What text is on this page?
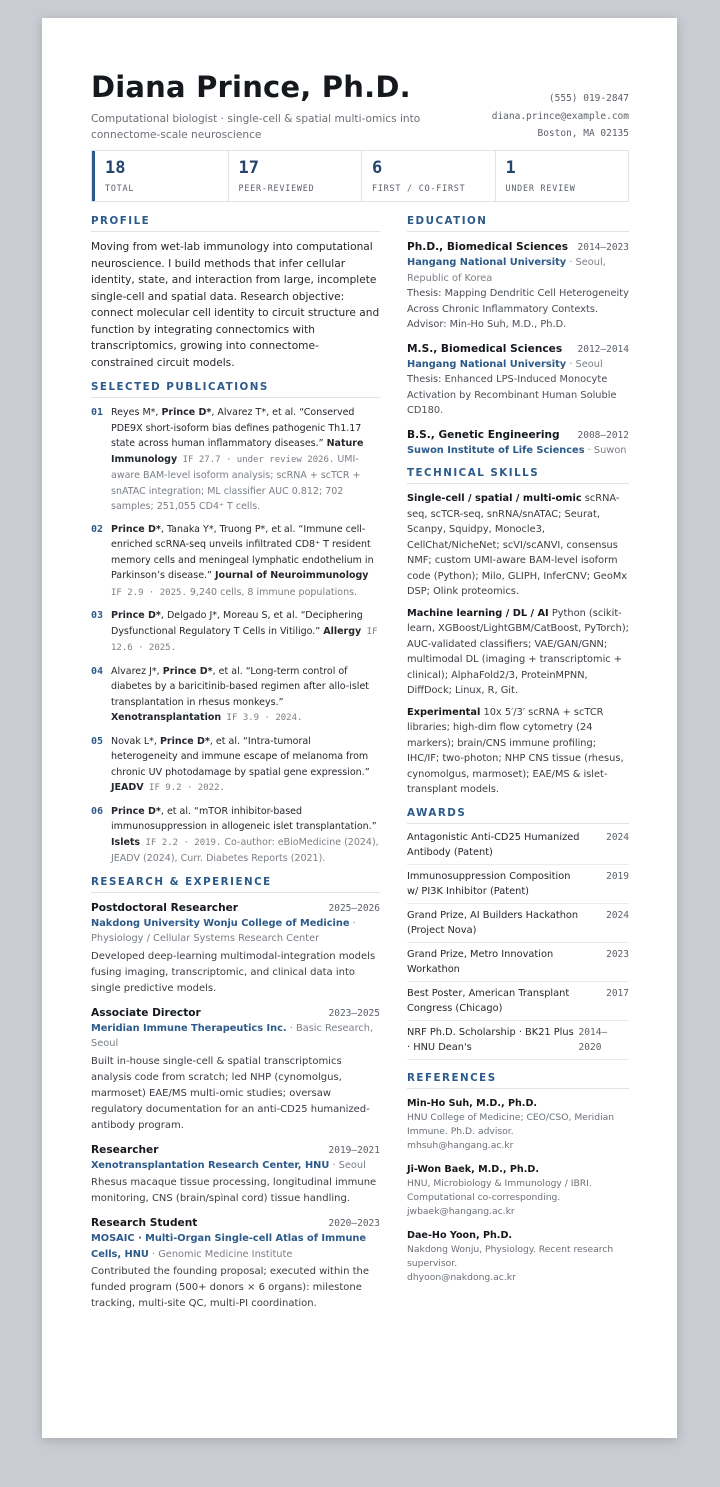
Diana Prince, Ph.D.
Computational biologist · single-cell & spatial multi-omics into connectome-scale neuroscience
(555) 019-2847
diana.prince@example.com
Boston, MA 02135
18
TOTAL
17
PEER-REVIEWED
6
FIRST / CO-FIRST
1
UNDER REVIEW
PROFILE
Moving from wet-lab immunology into computational neuroscience. I build methods that infer cellular identity, state, and interaction from large, incomplete single-cell and spatial data. Research objective: connect molecular cell identity to circuit structure and function by integrating connectomics with transcriptomics, growing into connectome-constrained circuit models.
SELECTED PUBLICATIONS
01 Reyes M*, Prince D*, Alvarez T*, et al. “Conserved PDE9X short-isoform bias defines pathogenic Th1.17 state across human inflammatory diseases.” Nature Immunology IF 27.7 · under review 2026. UMI-aware BAM-level isoform analysis; scRNA + scTCR + snATAC integration; ML classifier AUC 0.812; 702 samples; 251,055 CD4⁺ T cells.
02 Prince D*, Tanaka Y*, Truong P*, et al. “Immune cell-enriched scRNA-seq unveils infiltrated CD8⁺ T resident memory cells and meningeal lymphatic endothelium in Parkinson’s disease.” Journal of Neuroimmunology IF 2.9 · 2025. 9,240 cells, 8 immune populations.
03 Prince D*, Delgado J*, Moreau S, et al. “Deciphering Dysfunctional Regulatory T Cells in Vitiligo.” Allergy IF 12.6 · 2025.
04 Alvarez J*, Prince D*, et al. “Long-term control of diabetes by a baricitinib-based regimen after allo-islet transplantation in rhesus monkeys.” Xenotransplantation IF 3.9 · 2024.
05 Novak L*, Prince D*, et al. “Intra-tumoral heterogeneity and immune escape of melanoma from chronic UV photodamage by spatial gene expression.” JEADV IF 9.2 · 2022.
06 Prince D*, et al. “mTOR inhibitor-based immunosuppression in allogeneic islet transplantation.” Islets IF 2.2 · 2019. Co-author: eBioMedicine (2024), JEADV (2024), Curr. Diabetes Reports (2021).
RESEARCH & EXPERIENCE
Postdoctoral Researcher	2025–2026
Nakdong University Wonju College of Medicine · Physiology / Cellular Systems Research Center
Developed deep-learning multimodal-integration models fusing imaging, transcriptomic, and clinical data into single predictive models.
Associate Director	2023–2025
Meridian Immune Therapeutics Inc. · Basic Research, Seoul
Built in-house single-cell & spatial transcriptomics analysis code from scratch; led NHP (cynomolgus, marmoset) EAE/MS multi-omic studies; oversaw regulatory documentation for an anti-CD25 humanized-antibody program.
Researcher	2019–2021
Xenotransplantation Research Center, HNU · Seoul
Rhesus macaque tissue processing, longitudinal immune monitoring, CNS (brain/spinal cord) tissue handling.
Research Student	2020–2023
MOSAIC · Multi-Organ Single-cell Atlas of Immune Cells, HNU · Genomic Medicine Institute
Contributed the founding proposal; executed within the funded program (500+ donors × 6 organs): milestone tracking, multi-site QC, multi-PI coordination.
EDUCATION
Ph.D., Biomedical Sciences 2014–2023
Hangang National University · Seoul, Republic of Korea
Thesis: Mapping Dendritic Cell Heterogeneity Across Chronic Inflammatory Contexts.
Advisor: Min-Ho Suh, M.D., Ph.D.
M.S., Biomedical Sciences 2012–2014
Hangang National University · Seoul
Thesis: Enhanced LPS-Induced Monocyte Activation by Recombinant Human Soluble CD180.
B.S., Genetic Engineering 2008–2012
Suwon Institute of Life Sciences · Suwon
TECHNICAL SKILLS
Single-cell / spatial / multi-omic scRNA-seq, scTCR-seq, snRNA/snATAC; Seurat, Scanpy, Squidpy, Monocle3, CellChat/NicheNet; scVI/scANVI, consensus NMF; custom UMI-aware BAM-level isoform code (Python); Milo, GLIPH, InferCNV; GeoMx DSP; Olink proteomics.
Machine learning / DL / AI Python (scikit-learn, XGBoost/LightGBM/CatBoost, PyTorch); AUC-validated classifiers; VAE/GAN/GNN; multimodal DL (imaging + transcriptomic + clinical); AlphaFold2/3, ProteinMPNN, DiffDock; Linux, R, Git.
Experimental 10x 5′/3′ scRNA + scTCR libraries; high-dim flow cytometry (24 markers); brain/CNS immune profiling; IHC/IF; two-photon; NHP CNS tissue (rhesus, cynomolgus, marmoset); EAE/MS & islet-transplant models.
AWARDS
Antagonistic Anti-CD25 Humanized Antibody (Patent)
2024
Immunosuppression Composition w/ PI3K Inhibitor (Patent)
2019
Grand Prize, AI Builders Hackathon (Project Nova)
2024
Grand Prize, Metro Innovation Workathon
2023
Best Poster, American Transplant Congress (Chicago)
2017
NRF Ph.D. Scholarship · BK21 Plus · HNU Dean's
2014–2020
REFERENCES
Min-Ho Suh, M.D., Ph.D.
HNU College of Medicine; CEO/CSO, Meridian
Immune. Ph.D. advisor.
mhsuh@hangang.ac.kr
Ji-Won Baek, M.D., Ph.D.
HNU, Microbiology & Immunology / IBRI.
Computational co-corresponding.
jwbaek@hangang.ac.kr
Dae-Ho Yoon, Ph.D.
Nakdong Wonju, Physiology. Recent research
supervisor.
dhyoon@nakdong.ac.kr
